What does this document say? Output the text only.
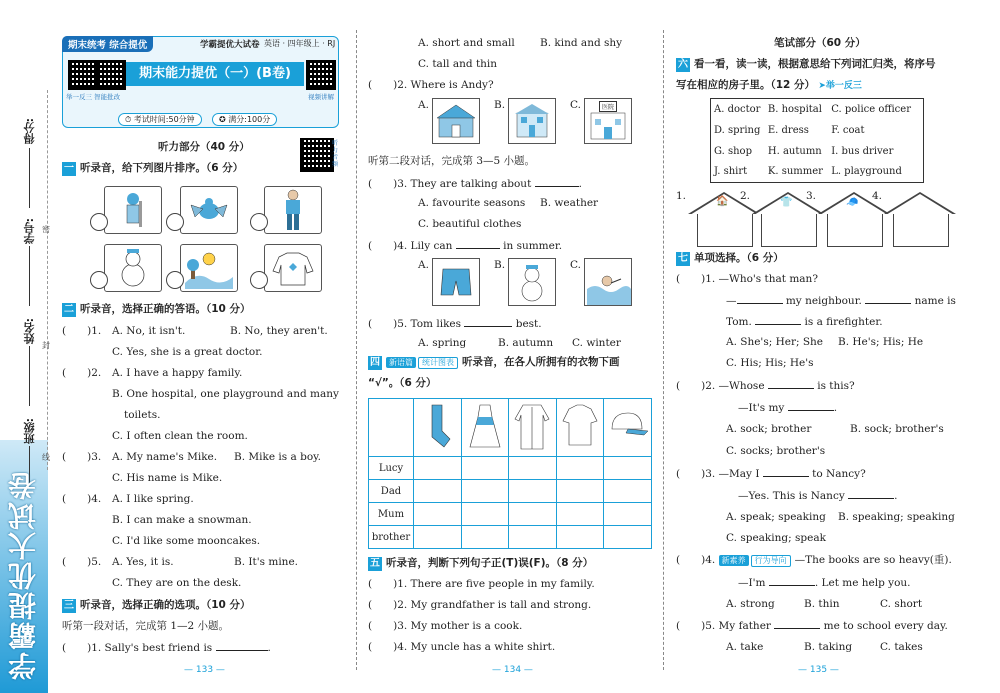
得分:
学号:
姓名:
班级:
密
封
线
学霸提优大试卷
期末统考 综合提优	学霸提优大试卷 英语 · 四年级上 · RJ
举一反三 智能批改
期末能力提优（一）(B卷)
视频讲解
⏱ 考试时间:50分钟	✪ 满分:100分
听力音频
听力部分（40 分）
一 听录音，给下列图片排序。（6 分）
二 听录音，选择正确的答语。（10 分）
(　　)1. A. No, it isn't.	B. No, they aren't.
C. Yes, she is a great doctor.
(　　)2. A. I have a happy family.
B. One hospital, one playground and many
toilets.
C. I often clean the room.
(　　)3. A. My name's Mike. B. Mike is a boy.
C. His name is Mike.
(　　)4. A. I like spring.
B. I can make a snowman.
C. I'd like some mooncakes.
(　　)5. A. Yes, it is.	B. It's mine.
C. They are on the desk.
三 听录音，选择正确的选项。（10 分）
听第一段对话，完成第 1—2 小题。
(　　)1. Sally's best friend is	.
— 133 —
A. short and small B. kind and shy
C. tall and thin
(　　)2. Where is Andy?
A.	B.	C.	医院
听第二段对话，完成第 3—5 小题。
(　　)3. They are talking about	.
A. favourite seasons B. weather
C. beautiful clothes
(　　)4. Lily can	in summer.
A.	B.	C.
(　　)5. Tom likes	best.
A. spring	B. autumn C. winter
四 新语篇 统计图表 听录音，在各人所拥有的衣物下画
“√”。（6 分）

Lucy					
Dad					
Mum					
brother					
五 听录音，判断下列句子正(T)误(F)。（8 分）
(　　)1. There are five people in my family.
(　　)2. My grandfather is tall and strong.
(　　)3. My mother is a cook.
(　　)4. My uncle has a white shirt.
— 134 —
笔试部分（60 分）
六 看一看，读一读，根据意思给下列词汇归类，将序号
写在相应的房子里。（12 分） ➤举一反三
A. doctor	B. hospital	C. police officer
D. spring	E. dress	F. coat
G. shop	H. autumn	I. bus driver
J. shirt	K. summer	L. playground
1.	🏠 2.
👕
3.
🧢
4.
七 单项选择。（6 分）
(　　)1. —Who's that man?
—	my neighbour.	name is
Tom.	is a firefighter.
A. She's; Her; She B. He's; His; He
C. His; His; He's
(　　)2. —Whose	is this?
—It's my	.
A. sock; brother	B. sock; brother's
C. socks; brother's
(　　)3. —May I	to Nancy?
—Yes. This is Nancy	.
A. speak; speaking B. speaking; speaking
C. speaking; speak
(　　)4. 新素养 行为导向 —The books are so heavy(重).
—I'm	. Let me help you.
A. strong	B. thin	C. short
(　　)5. My father	me to school every day.
A. take	B. taking	C. takes
— 135 —
